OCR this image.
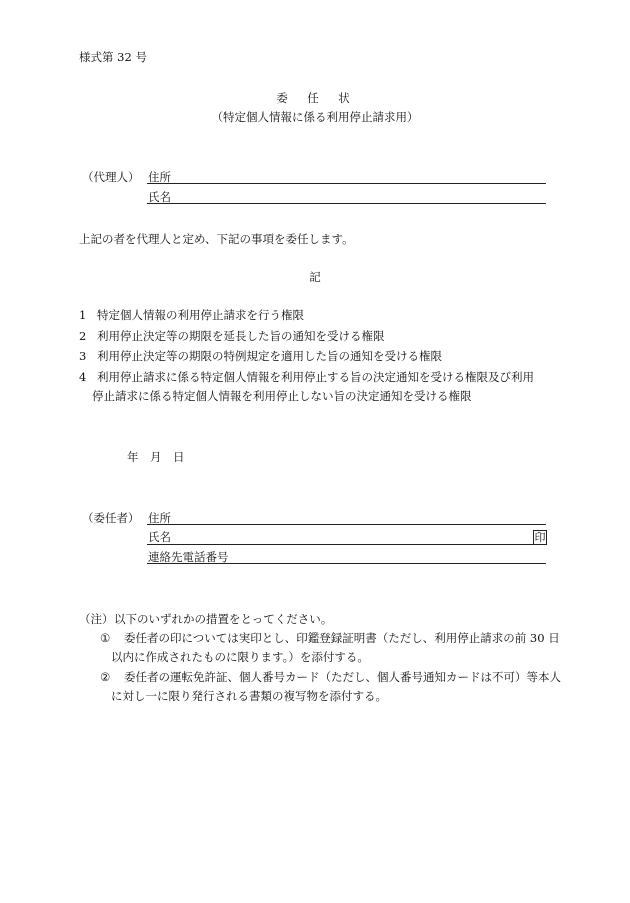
様式第 32 号
委　任　状
（特定個人情報に係る利用停止請求用）
（代理人） 住所
氏名
上記の者を代理人と定め、下記の事項を委任します。
記
1 特定個人情報の利用停止請求を行う権限
2 利用停止決定等の期限を延長した旨の通知を受ける権限
3 利用停止決定等の期限の特例規定を適用した旨の通知を受ける権限
4 利用停止請求に係る特定個人情報を利用停止する旨の決定通知を受ける権限及び利用
停止請求に係る特定個人情報を利用停止しない旨の決定通知を受ける権限
年　月　日
（委任者） 住所
氏名	印
連絡先電話番号
（注） 以下のいずれかの措置をとってください。
① 委任者の印については実印とし、印鑑登録証明書（ただし、利用停止請求の前 30 日
以内に作成されたものに限ります。）を添付する。
② 委任者の運転免許証、個人番号カード（ただし、個人番号通知カードは不可）等本人
に対し一に限り発行される書類の複写物を添付する。
